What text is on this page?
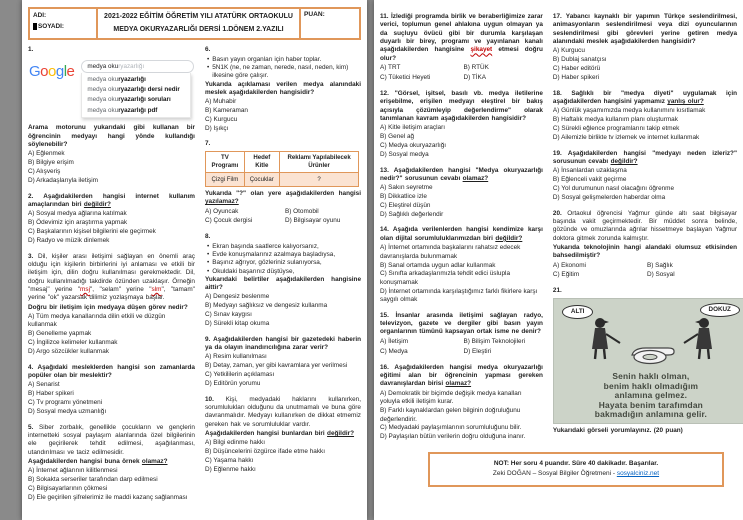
ADI:
SOYADI:

2021-2022 EĞİTİM ÖĞRETİM YILI ATATÜRK ORTAOKULU
MEDYA OKURYAZARLIĞI DERSİ 1.DÖNEM 2.YAZILI
	PUAN:
1.
Google	medya okuryazarlığı
medya okuryazarlığı
medya okuryazarlığı dersi nedir
medya okuryazarlığı soruları
medya okuryazarlığı pdf
Arama motorunu yukarıdaki gibi kullanan bir öğrencinin medyayı hangi yönde kullandığı söylenebilir?
A) Eğlenmek
B) Bilgiye erişim
C) Alışveriş
D) Arkadaşlarıyla iletişim
2. Aşağıdakilerden hangisi internet kullanım amaçlarından biri değildir?
A) Sosyal medya ağlarına katılmak
B) Ödevimiz için araştırma yapmak
C) Başkalarının kişisel bilgilerini ele geçirmek
D) Radyo ve müzik dinlemek
3. Dil, kişiler arası iletişimi sağlayan en önemli araç olduğu için kişilerin birbirlerini iyi anlaması ve etkili bir iletişim için, dilin doğru kullanılması gerekmektedir. Dil, doğru kullanılmadığı takdirde özünden uzaklaşır. Örneğin "mesaj" yerine "msj", "selam" yerine "slm", "tamam" yerine "ok" yazarsak dilimiz yozlaşmaya başlar.
Doğru bir iletişim için medyaya düşen görev nedir?
A) Tüm medya kanallarında dilin etkili ve düzgün kullanmak
B) Genelleme yapmak
C) İngilizce kelimeler kullanmak
D) Argo sözcükler kullanmak
4. Aşağıdaki mesleklerden hangisi son zamanlarda popüler olan bir meslektir?
A) Senarist
B) Haber spikeri
C) Tv programı yönetmeni
D) Sosyal medya uzmanlığı
5. Siber zorbalık, genellikle çocukların ve gençlerin internetteki sosyal paylaşım alanlarında özel bilgilerinin ele geçirilerek tehdit edilmesi, aşağılanması, utandırılması ve taciz edilmesidir.
Aşağıdakilerden hangisi buna örnek olamaz?
A) İnternet ağlarının kilitlenmesi
B) Sokakta serseriler tarafından darp edilmesi
C) Bilgisayarlarının çökmesi
D) Ele geçirilen şifrelerimiz ile maddi kazanç sağlanması
6.
• Basın yayın organları için haber toplar.
• 5N1K (ne, ne zaman, nerede, nasıl, neden, kim) ilkesine göre çalışır.
Yukarıda açıklaması verilen medya alanındaki meslek aşağıdakilerden hangisidir?
A) Muhabir
B) Kameraman
C) Kurgucu
D) Işıkçı
7.
TV Programı	Hedef Kitle	Reklamı Yapılabilecek Ürünler
Çizgi Film	Çocuklar	?
Yukarıda "?" olan yere aşağıdakilerden hangisi yazılamaz?
A) Oyuncak	B) Otomobil
C) Çocuk dergisi	D) Bilgisayar oyunu
8.
• Ekran başında saatlerce kalıyorsanız,
• Evde konuşmalarınız azalmaya başladıysa,
• Başınız ağrıyor, gözleriniz sulanıyorsa,
• Okuldaki başarınız düştüyse,
Yukarıdaki belirtiler aşağıdakilerden hangisine aittir?
A) Dengesiz beslenme
B) Medyayı sağlıksız ve dengesiz kullanma
C) Sınav kaygısı
D) Sürekli kitap okuma
9. Aşağıdakilerden hangisi bir gazetedeki haberin ya da olayın inandırıcılığına zarar verir?
A) Resim kullanılması
B) Detay, zaman, yer gibi kavramlara yer verilmesi
C) Yetkililerin açıklaması
D) Editörün yorumu
10. Kişi, medyadaki haklarını kullanırken, sorumlulukları olduğunu da unutmamalı ve buna göre davranmalıdır. Medyayı kullanırken de dikkat etmemiz gereken hak ve sorumluluklar vardır.
Aşağıdakilerden hangisi bunlardan biri değildir?
A) Bilgi edinme hakkı
B) Düşüncelerini özgürce ifade etme hakkı
C) Yaşama hakkı
D) Eğlenme hakkı
11. İzlediği programda birlik ve beraberliğimize zarar verici, toplumun genel ahlakına uygun olmayan ya da suçluyu övücü gibi bir durumla karşılaşan duyarlı bir birey, programı ve yayınlanan kanalı aşağıdakilerden hangisine şikayet etmesi doğru olur?
A) TRT	B) RTÜK
C) Tüketici Heyeti	D) TİKA
12. "Görsel, işitsel, basılı vb. medya iletilerine erişebilme, erişilen medyayı eleştirel bir bakış açısıyla çözümleyip değerlendirme" olarak tanımlanan kavram aşağıdakilerden hangisidir?
A) Kitle iletişim araçları
B) Genel ağ
C) Medya okuryazarlığı
D) Sosyal medya
13. Aşağıdakilerden hangisi "Medya okuryazarlığı nedir?" sorusunun cevabı olamaz?
A) Sakın seyretme
B) Dikkatlice izle
C) Eleştirel düşün
D) Sağlıklı değerlendir
14. Aşağıda verilenlerden hangisi kendimize karşı olan dijital sorumluluklarımızdan biri değildir?
A) İnternet ortamında başkalarını rahatsız edecek davranışlarda bulunmamak
B) Sanal ortamda uygun adlar kullanmak
C) Sınıfta arkadaşlarımızla tehdit edici üslupla konuşmamak
D) İnternet ortamında karşılaştığımız farklı fikirlere karşı saygılı olmak
15. İnsanlar arasında iletişimi sağlayan radyo, televizyon, gazete ve dergiler gibi basın yayın organlarının tümünü kapsayan ortak isme ne denir?
A) İletişim	B) Bilişim Teknolojileri
C) Medya	D) Eleştiri
16. Aşağıdakilerden hangisi medya okuryazarlığı eğitimi alan bir öğrencinin yapması gereken davranışlardan birisi olamaz?
A) Demokratik bir biçimde değişik medya kanalları yoluyla etkili iletişim kurar.
B) Farklı kaynaklardan gelen bilginin doğruluğunu değerlendirir.
C) Medyadaki paylaşımlarının sorumluluğunu bilir.
D) Paylaşılan bütün verilerin doğru olduğuna inanır.
17. Yabancı kaynaklı bir yapımın Türkçe seslendirilmesi, animasyonların seslendirilmesi veya dizi oyuncularının seslendirilmesi gibi görevleri yerine getiren medya alanındaki meslek aşağıdakilerden hangisidir?
A) Kurgucu
B) Dublaj sanatçısı
C) Haber editörü
D) Haber spikeri
18. Sağlıklı bir "medya diyeti" uygulamak için aşağıdakilerden hangisini yapmamız yanlış olur?
A) Günlük yaşamımızda medya kullanımını kısıtlamak
B) Haftalık medya kullanım planı oluşturmak
C) Sürekli eğlence programlarını takip etmek
D) Ailemizle birlikte tv izlemek ve internet kullanmak
19. Aşağıdakilerden hangisi "medyayı neden izleriz?" sorusunun cevabı değildir?
A) İnsanlardan uzaklaşma
B) Eğlenceli vakit geçirme
C) Yol durumunun nasıl olacağını öğrenme
D) Sosyal gelişmelerden haberdar olma
20. Ortaokul öğrencisi Yağmur günde altı saat bilgisayar başında vakit geçirmektedir. Bir müddet sonra belinde, gözünde ve omuzlarında ağrılar hissetmeye başlayan Yağmur doktora gitmek zorunda kalmıştır.
Yukarıda teknolojinin hangi alandaki olumsuz etkisinden bahsedilmiştir?
A) Ekonomi	B) Sağlık
C) Eğitim	D) Sosyal
21.
ALTI	DOKUZ
Senin haklı olman,
benim haklı olmadığım
anlamına gelmez.
Hayata benim tarafımdan
bakmadığın anlamına gelir.
Yukarıdaki görseli yorumlayınız. (20 puan)
NOT: Her soru 4 puandır. Süre 40 dakikadır. Başarılar.
Zeki DOĞAN – Sosyal Bilgiler Öğretmeni - sosyalciniz.net
